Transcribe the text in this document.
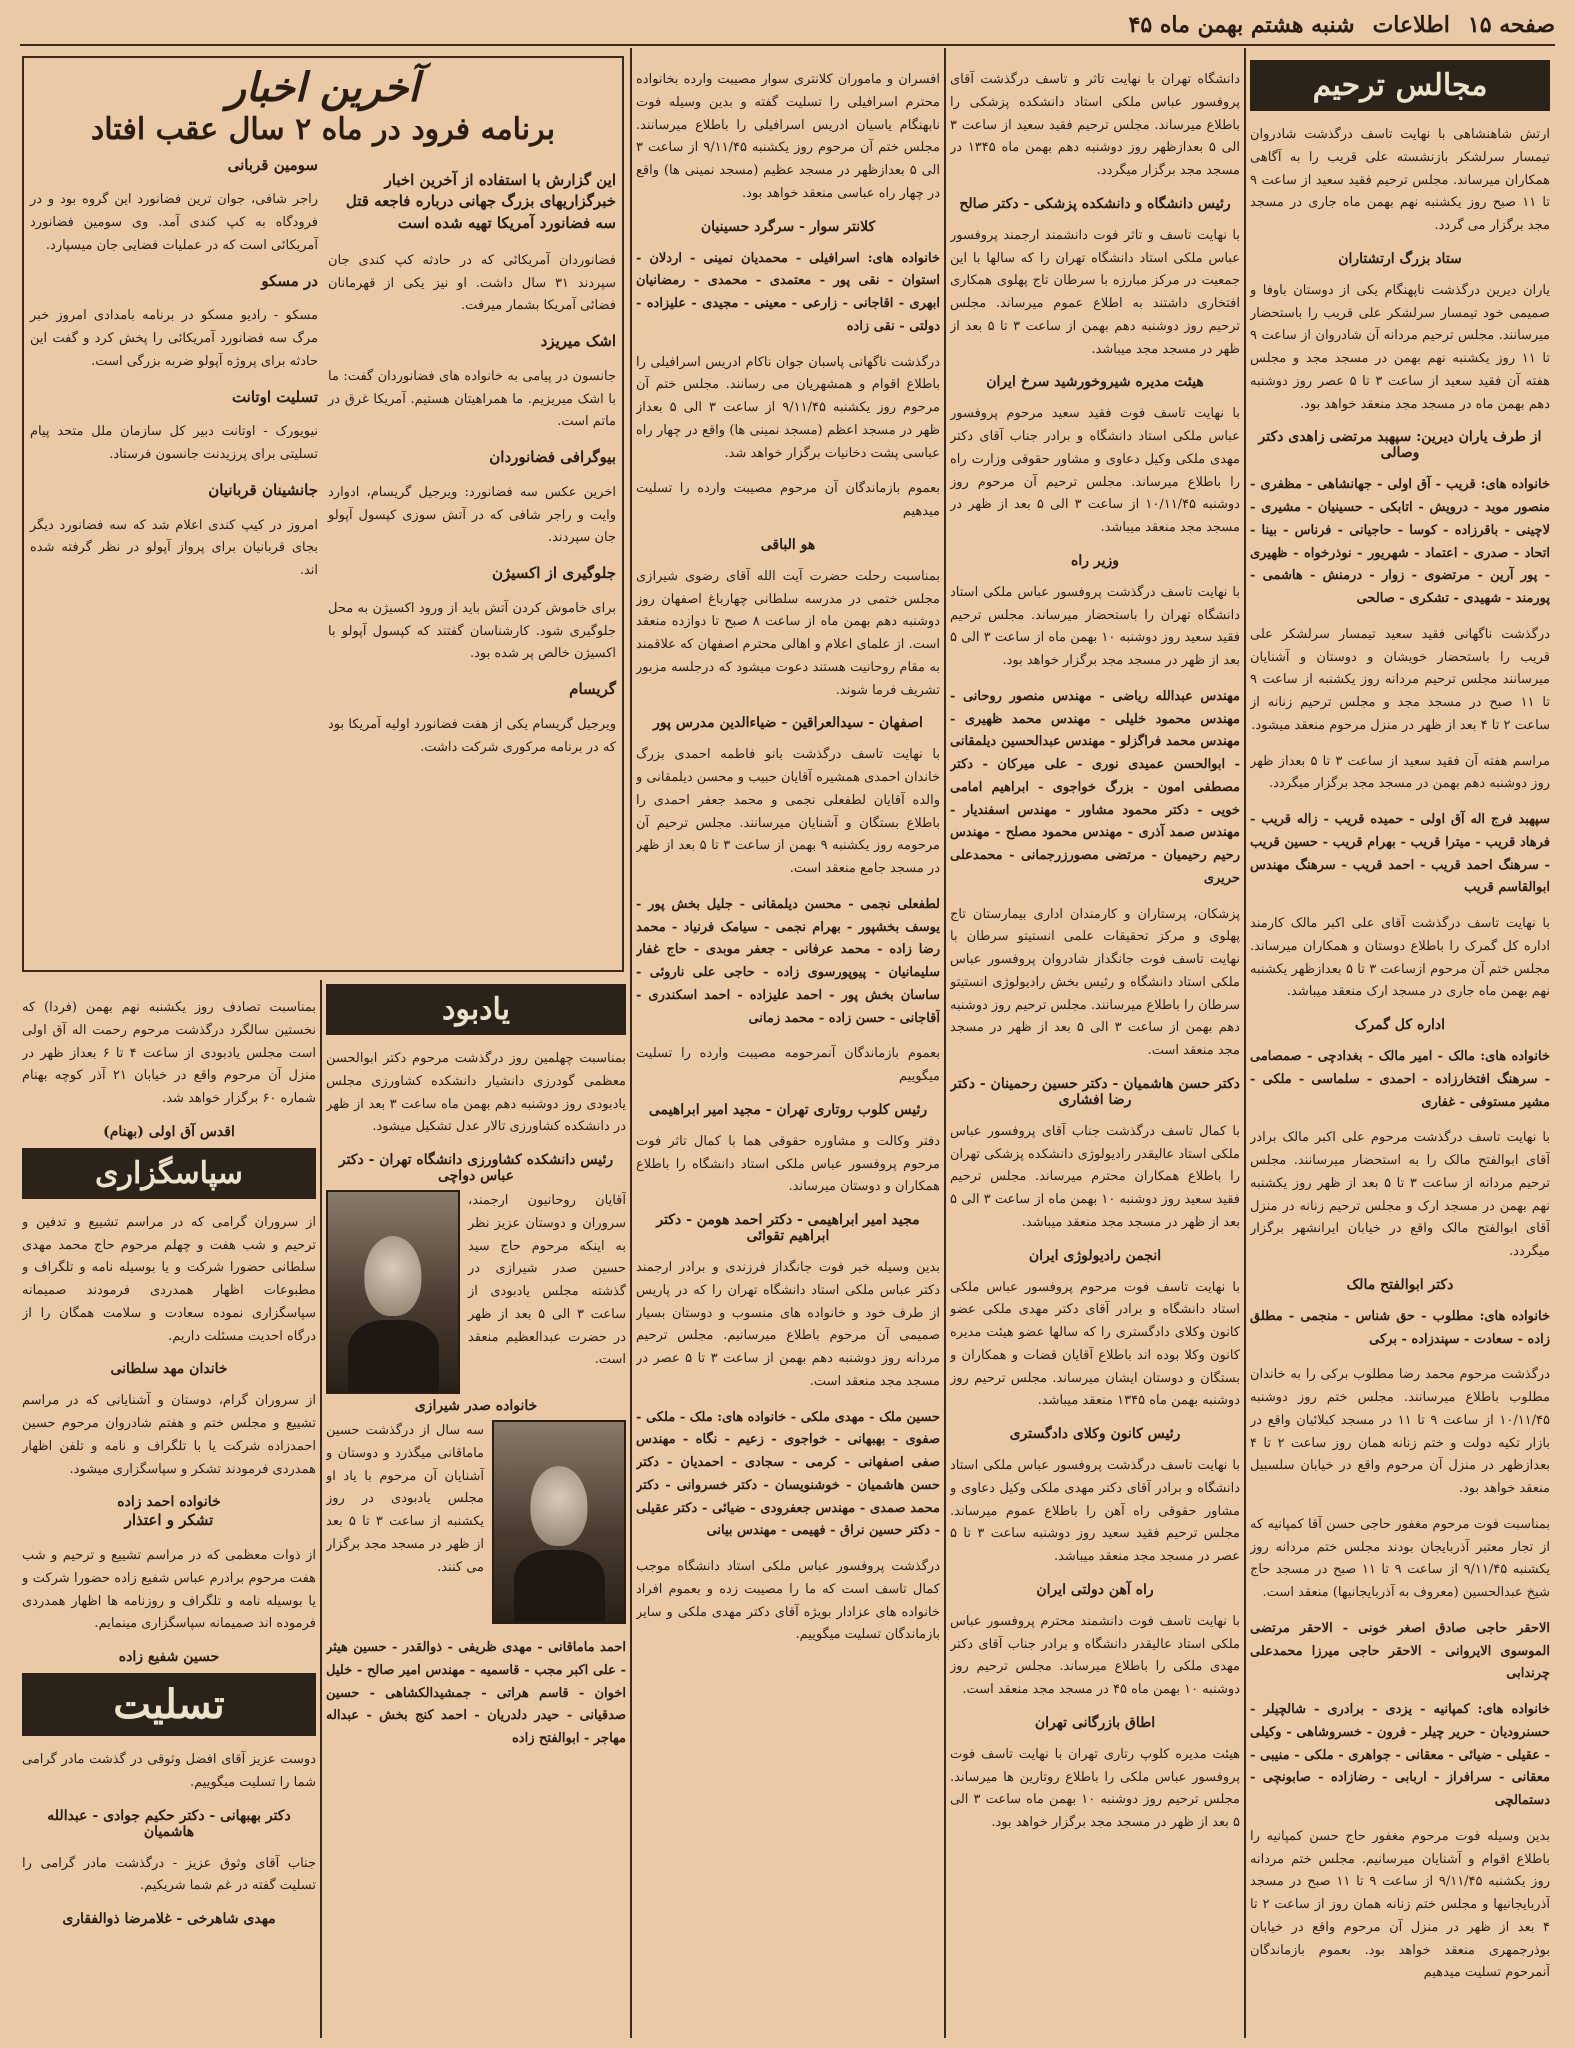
صفحه ۱۵
اطلاعات
شنبه هشتم بهمن ماه ۴۵
مجالس ترحیم

ارتش شاهنشاهی با نهایت تاسف درگذشت شادروان تیمسار سرلشکر بازنشسته علی قریب را به آگاهی همکاران میرساند. مجلس ترحیم فقید سعید از ساعت ۹ تا ۱۱ صبح روز یکشنبه نهم بهمن ماه جاری در مسجد مجد برگزار می گردد.

ستاد بزرگ ارتشتاران

یاران دیرین درگذشت ناپهنگام یکی از دوستان باوفا و صمیمی خود تیمسار سرلشکر علی قریب را باستحضار میرسانند. مجلس ترحیم مردانه آن شادروان از ساعت ۹ تا ۱۱ روز یکشنبه نهم بهمن در مسجد مجد و مجلس هفته آن فقید سعید از ساعت ۳ تا ۵ عصر روز دوشنبه دهم بهمن ماه در مسجد مجد منعقد خواهد بود.

از طرف یاران دیرین: سپهبد مرتضی زاهدی دکتر وصالی

خانواده های: قریب - آق اولی - جهانشاهی - مظفری - منصور موید - درویش - اتابکی - حسینیان - مشیری - لاچینی - باقرزاده - کوسا - حاجیانی - فرناس - بینا - اتحاد - صدری - اعتماد - شهریور - نوذرخواه - ظهیری - پور آرین - مرتضوی - زوار - درمنش - هاشمی - پورمند - شهیدی - تشکری - صالحی

درگذشت ناگهانی فقید سعید تیمسار سرلشکر علی قریب را باستحضار خویشان و دوستان و آشنایان میرسانند مجلس ترحیم مردانه روز یکشنبه از ساعت ۹ تا ۱۱ صبح در مسجد مجد و مجلس ترحیم زنانه از ساعت ۲ تا ۴ بعد از ظهر در منزل مرحوم منعقد میشود.

مراسم هفته آن فقید سعید از ساعت ۳ تا ۵ بعداز ظهر روز دوشنبه دهم بهمن در مسجد مجد برگزار میگردد.

سپهبد فرج اله آق اولی - حمیده قریب - زاله قریب - فرهاد قریب - میترا قریب - بهرام قریب - حسین قریب - سرهنگ احمد قریب - احمد قریب - سرهنگ مهندس ابوالقاسم قریب

با نهایت تاسف درگذشت آقای علی اکبر مالک کارمند اداره کل گمرک را باطلاع دوستان و همکاران میرساند. مجلس ختم آن مرحوم ازساعت ۳ تا ۵ بعدازظهر یکشنبه نهم بهمن ماه جاری در مسجد ارک منعقد میباشد.

اداره کل گمرک

خانواده های: مالک - امیر مالک - بغدادچی - صمصامی - سرهنگ افتخارزاده - احمدی - سلماسی - ملکی - مشیر مستوفی - غفاری

با نهایت تاسف درگذشت مرحوم علی اکبر مالک برادر آقای ابوالفتح مالک را به استحضار میرسانند. مجلس ترحیم مردانه از ساعت ۳ تا ۵ بعد از ظهر روز یکشنبه نهم بهمن در مسجد ارک و مجلس ترحیم زنانه در منزل آقای ابوالفتح مالک واقع در خیابان ایرانشهر برگزار میگردد.

دکتر ابوالفتح مالک

خانواده های: مطلوب - حق شناس - منجمی - مطلق زاده - سعادت - سپندزاده - برکی

درگذشت مرحوم محمد رضا مطلوب برکی را به خاندان مطلوب باطلاع میرسانند. مجلس ختم روز دوشنبه ۱۰/۱۱/۴۵ از ساعت ۹ تا ۱۱ در مسجد کبلائیان واقع در بازار تکیه دولت و ختم زنانه همان روز ساعت ۲ تا ۴ بعدازظهر در منزل آن مرحوم واقع در خیابان سلسبیل منعقد خواهد بود.

بمناسبت فوت مرحوم مغفور حاجی حسن آقا کمپانیه که از تجار معتبر آذربایجان بودند مجلس ختم مردانه روز یکشنبه ۹/۱۱/۴۵ از ساعت ۹ تا ۱۱ صبح در مسجد حاج شیخ عبدالحسین (معروف به آذربایجانیها) منعقد است.

الاحقر حاجی صادق اصغر خونی - الاحقر مرتضی الموسوی الایروانی - الاحقر حاجی میرزا محمدعلی چرندابی

خانواده های: کمپانیه - یزدی - برادری - شالچیلر - حسنرودیان - حریر چیلر - فرون - خسروشاهی - وکیلی - عقیلی - ضیائی - معقانی - جواهری - ملکی - منیبی - معقانی - سرافراز - اربابی - رضازاده - صابونچی - دستمالچی

بدین وسیله فوت مرحوم مغفور حاج حسن کمپانیه را باطلاع اقوام و آشنایان میرسانیم. مجلس ختم مردانه روز یکشنبه ۹/۱۱/۴۵ از ساعت ۹ تا ۱۱ صبح در مسجد آذربایجانیها و مجلس ختم زنانه همان روز از ساعت ۲ تا ۴ بعد از ظهر در منزل آن مرحوم واقع در خیابان بوذرجمهری منعقد خواهد بود. بعموم بازماندگان آنمرحوم تسلیت میدهیم

دانشگاه تهران با نهایت تاثر و تاسف درگذشت آقای پروفسور عباس ملکی استاد دانشکده پزشکی را باطلاع میرساند. مجلس ترحیم فقید سعید از ساعت ۳ الی ۵ بعدازظهر روز دوشنبه دهم بهمن ماه ۱۳۴۵ در مسجد مجد برگزار میگردد.

رئیس دانشگاه و دانشکده پزشکی - دکتر صالح

با نهایت تاسف و تاثر فوت دانشمند ارجمند پروفسور عباس ملکی استاد دانشگاه تهران را که سالها با این جمعیت در مرکز مبارزه با سرطان تاج پهلوی همکاری افتخاری داشتند به اطلاع عموم میرساند. مجلس ترحیم روز دوشنبه دهم بهمن از ساعت ۳ تا ۵ بعد از ظهر در مسجد مجد میباشد.

هیئت مدیره شیروخورشید سرخ ایران

با نهایت تاسف فوت فقید سعید مرحوم پروفسور عباس ملکی استاد دانشگاه و برادر جناب آقای دکتر مهدی ملکی وکیل دعاوی و مشاور حقوقی وزارت راه را باطلاع میرساند. مجلس ترحیم آن مرحوم روز دوشنبه ۱۰/۱۱/۴۵ از ساعت ۳ الی ۵ بعد از ظهر در مسجد مجد منعقد میباشد.

وزیر راه

با نهایت تاسف درگذشت پروفسور عباس ملکی استاد دانشگاه تهران را باستحضار میرساند. مجلس ترحیم فقید سعید روز دوشنبه ۱۰ بهمن ماه از ساعت ۳ الی ۵ بعد از ظهر در مسجد مجد برگزار خواهد بود.

مهندس عبدالله ریاضی - مهندس منصور روحانی - مهندس محمود خلیلی - مهندس محمد ظهیری - مهندس محمد فراگزلو - مهندس عبدالحسین دیلمقانی - ابوالحسن عمیدی نوری - علی میرکان - دکتر مصطفی امون - بزرگ خواجوی - ابراهیم امامی خویی - دکتر محمود مشاور - مهندس اسفندیار - مهندس صمد آذری - مهندس محمود مصلح - مهندس رحیم رحیمیان - مرتضی مصورزرجمانی - محمدعلی حریری

پزشکان، پرستاران و کارمندان اداری بیمارستان تاج پهلوی و مرکز تحقیقات علمی انستیتو سرطان با نهایت تاسف فوت جانگداز شادروان پروفسور عباس ملکی استاد دانشگاه و رئیس بخش رادیولوژی انستیتو سرطان را باطلاع میرسانند. مجلس ترحیم روز دوشنبه دهم بهمن از ساعت ۳ الی ۵ بعد از ظهر در مسجد مجد منعقد است.

دکتر حسن هاشمیان - دکتر حسین رحمینان - دکتر رضا افشاری

با کمال تاسف درگذشت جناب آقای پروفسور عباس ملکی استاد عالیقدر رادیولوژی دانشکده پزشکی تهران را باطلاع همکاران محترم میرساند. مجلس ترحیم فقید سعید روز دوشنبه ۱۰ بهمن ماه از ساعت ۳ الی ۵ بعد از ظهر در مسجد مجد منعقد میباشد.

انجمن رادیولوژی ایران

با نهایت تاسف فوت مرحوم پروفسور عباس ملکی استاد دانشگاه و برادر آقای دکتر مهدی ملکی عضو کانون وکلای دادگستری را که سالها عضو هیئت مدیره کانون وکلا بوده اند باطلاع آقایان قضات و همکاران و بستگان و دوستان ایشان میرساند. مجلس ترحیم روز دوشنبه بهمن ماه ۱۳۴۵ منعقد میباشد.

رئیس کانون وکلای دادگستری

با نهایت تاسف درگذشت پروفسور عباس ملکی استاد دانشگاه و برادر آقای دکتر مهدی ملکی وکیل دعاوی و مشاور حقوقی راه آهن را باطلاع عموم میرساند. مجلس ترحیم فقید سعید روز دوشنبه ساعت ۳ تا ۵ عصر در مسجد مجد منعقد میباشد.

راه آهن دولتی ایران

با نهایت تاسف فوت دانشمند محترم پروفسور عباس ملکی استاد عالیقدر دانشگاه و برادر جناب آقای دکتر مهدی ملکی را باطلاع میرساند. مجلس ترحیم روز دوشنبه ۱۰ بهمن ماه ۴۵ در مسجد مجد منعقد است.

اطاق بازرگانی تهران

هیئت مدیره کلوپ رتاری تهران با نهایت تاسف فوت پروفسور عباس ملکی را باطلاع روتارین ها میرساند. مجلس ترحیم روز دوشنبه ۱۰ بهمن ماه ساعت ۳ الی ۵ بعد از ظهر در مسجد مجد برگزار خواهد بود.

افسران و ماموران کلانتری سوار مصیبت وارده بخانواده محترم اسرافیلی را تسلیت گفته و بدین وسیله فوت نابهنگام یاسیان ادریس اسرافیلی را باطلاع میرسانند. مجلس ختم آن مرحوم روز یکشنبه ۹/۱۱/۴۵ از ساعت ۳ الی ۵ بعدازظهر در مسجد عظیم (مسجد نمینی ها) واقع در چهار راه عباسی منعقد خواهد بود.

کلانتر سوار - سرگرد حسینیان

خانواده های: اسرافیلی - محمدیان نمینی - اردلان - استوان - نقی پور - معتمدی - محمدی - رمضانیان ابهری - اقاجانی - زارعی - معینی - مجیدی - علیزاده - دولتی - نقی زاده

درگذشت ناگهانی پاسبان جوان ناکام ادریس اسرافیلی را باطلاع اقوام و همشهریان می رسانند. مجلس ختم آن مرحوم روز یکشنبه ۹/۱۱/۴۵ از ساعت ۳ الی ۵ بعداز ظهر در مسجد اعظم (مسجد نمینی ها) واقع در چهار راه عباسی پشت دخانیات برگزار خواهد شد.

بعموم بازماندگان آن مرحوم مصیبت وارده را تسلیت میدهیم

هو الباقی

بمناسبت رحلت حضرت آیت الله آقای رضوی شیرازی مجلس ختمی در مدرسه سلطانی چهارباغ اصفهان روز دوشنبه دهم بهمن ماه از ساعت ۸ صبح تا دوازده منعقد است. از علمای اعلام و اهالی محترم اصفهان که علاقمند به مقام روحانیت هستند دعوت میشود که درجلسه مزبور تشریف فرما شوند.

اصفهان - سیدالعراقین - ضیاءالدین مدرس پور

با نهایت تاسف درگذشت بانو فاطمه احمدی بزرگ خاندان احمدی همشیره آقایان حبیب و محسن دیلمقانی و والده آقایان لطفعلی نجمی و محمد جعفر احمدی را باطلاع بستگان و آشنایان میرسانند. مجلس ترحیم آن مرحومه روز یکشنبه ۹ بهمن از ساعت ۳ تا ۵ بعد از ظهر در مسجد جامع منعقد است.

لطفعلی نجمی - محسن دیلمقانی - جلیل بخش پور - یوسف بخشپور - بهرام نجمی - سیامک فرنیاد - محمد رضا زاده - محمد عرفانی - جعفر موبدی - حاج غفار سلیمانیان - پیوپورسوی زاده - حاجی علی ناروئی - ساسان بخش پور - احمد علیزاده - احمد اسکندری - آقاجانی - حسن زاده - محمد زمانی

بعموم بازماندگان آنمرحومه مصیبت وارده را تسلیت میگوییم

رئیس کلوب روتاری تهران - مجید امیر ابراهیمی

دفتر وکالت و مشاوره حقوقی هما با کمال تاثر فوت مرحوم پروفسور عباس ملکی استاد دانشگاه را باطلاع همکاران و دوستان میرساند.

مجید امیر ابراهیمی - دکتر احمد هومن - دکتر ابراهیم تقوائی

بدین وسیله خبر فوت جانگداز فرزندی و برادر ارجمند دکتر عباس ملکی استاد دانشگاه تهران را که در پاریس از طرف خود و خانواده های منسوب و دوستان بسیار صمیمی آن مرحوم باطلاع میرسانیم. مجلس ترحیم مردانه روز دوشنبه دهم بهمن از ساعت ۳ تا ۵ عصر در مسجد مجد منعقد است.

حسین ملک - مهدی ملکی - خانواده های: ملک - ملکی - صفوی - بهبهانی - خواجوی - زعیم - نگاه - مهندس صفی اصفهانی - کرمی - سجادی - احمدیان - دکتر حسن هاشمیان - خوشنویسان - دکتر خسروانی - دکتر محمد صمدی - مهندس جعفرودی - ضیائی - دکتر عقیلی - دکتر حسین نراق - فهیمی - مهندس بیانی

درگذشت پروفسور عباس ملکی استاد دانشگاه موجب کمال تاسف است که ما را مصیبت زده و بعموم افراد خانواده های عزادار بویژه آقای دکتر مهدی ملکی و سایر بازماندگان تسلیت میگوییم.

آخرین اخبار
برنامه فرود در ماه ۲ سال عقب افتاد

این گزارش با استفاده از آخرین اخبار خبرگزاریهای بزرگ جهانی درباره فاجعه قتل سه فضانورد آمریکا تهیه شده است

فضانوردان آمریکائی که در حادثه کپ کندی جان سپردند ۳۱ سال داشت. او نیز یکی از قهرمانان فضائی آمریکا بشمار میرفت.

اشک میریزد

جانسون در پیامی به خانواده های فضانوردان گفت: ما با اشک میریزیم. ما همراهیتان هستیم. آمریکا غرق در ماتم است.

بیوگرافی فضانوردان

اخرین عکس سه فضانورد: ویرجیل گریسام، ادوارد وایت و راجر شافی که در آتش سوزی کپسول آپولو جان سپردند.

جلوگیری از اکسیژن

برای خاموش کردن آتش باید از ورود اکسیژن به محل جلوگیری شود. کارشناسان گفتند که کپسول آپولو با اکسیژن خالص پر شده بود.

گریسام

ویرجیل گریسام یکی از هفت فضانورد اولیه آمریکا بود که در برنامه مرکوری شرکت داشت.

سومین قربانی

راجر شافی، جوان ترین فضانورد این گروه بود و در فرودگاه به کپ کندی آمد. وی سومین فضانورد آمریکائی است که در عملیات فضایی جان میسپارد.

در مسکو

مسکو - رادیو مسکو در برنامه بامدادی امروز خبر مرگ سه فضانورد آمریکائی را پخش کرد و گفت این حادثه برای پروژه آپولو ضربه بزرگی است.

تسلیت اوتانت

نیویورک - اوتانت دبیر کل سازمان ملل متحد پیام تسلیتی برای پرزیدنت جانسون فرستاد.

جانشینان قربانیان

امروز در کیپ کندی اعلام شد که سه فضانورد دیگر بجای قربانیان برای پرواز آپولو در نظر گرفته شده اند.

بمناسبت تصادف روز یکشنبه نهم بهمن (فردا) که نخستین سالگرد درگذشت مرحوم رحمت اله آق اولی است مجلس یادبودی از ساعت ۴ تا ۶ بعداز ظهر در منزل آن مرحوم واقع در خیابان ۲۱ آذر کوچه بهنام شماره ۶۰ برگزار خواهد شد.

اقدس آق اولی (بهنام)
سپاسگزاری

از سروران گرامی که در مراسم تشییع و تدفین و ترحیم و شب هفت و چهلم مرحوم حاج محمد مهدی سلطانی حضورا شرکت و یا بوسیله نامه و تلگراف و مطبوعات اظهار همدردی فرمودند صمیمانه سپاسگزاری نموده سعادت و سلامت همگان را از درگاه احدیت مسئلت داریم.

خاندان مهد سلطانی

از سروران گرام، دوستان و آشنایانی که در مراسم تشییع و مجلس ختم و هفتم شادروان مرحوم حسین احمدزاده شرکت یا با تلگراف و نامه و تلفن اظهار همدردی فرمودند تشکر و سپاسگزاری میشود.

خانواده احمد زاده
تشکر و اعتذار

از ذوات معظمی که در مراسم تشییع و ترحیم و شب هفت مرحوم برادرم عباس شفیع زاده حضورا شرکت و یا بوسیله نامه و تلگراف و روزنامه ها اظهار همدردی فرموده اند صمیمانه سپاسگزاری مینمایم.

حسین شفیع زاده
تسلیت

دوست عزیز آقای افضل وثوقی در گذشت مادر گرامی شما را تسلیت میگوییم.

دکتر بهبهانی - دکتر حکیم جوادی - عبدالله هاشمیان

جناب آقای وثوق عزیز - درگذشت مادر گرامی را تسلیت گفته در غم شما شریکیم.

مهدی شاهرخی - غلامرضا ذوالفقاری
یادبود

بمناسبت چهلمین روز درگذشت مرحوم دکتر ابوالحسن معظمی گودرزی دانشیار دانشکده کشاورزی مجلس یادبودی روز دوشنبه دهم بهمن ماه ساعت ۳ بعد از ظهر در دانشکده کشاورزی تالار عدل تشکیل میشود.

رئیس دانشکده کشاورزی دانشگاه تهران - دکتر عباس دواچی

آقایان روحانیون ارجمند، سروران و دوستان عزیز نظر به اینکه مرحوم حاج سید حسین صدر شیرازی در گذشته مجلس یادبودی از ساعت ۳ الی ۵ بعد از ظهر در حضرت عبدالعظیم منعقد است.

خانواده صدر شیرازی

سه سال از درگذشت حسین ماماقانی میگذرد و دوستان و آشنایان آن مرحوم با یاد او مجلس یادبودی در روز یکشنبه از ساعت ۳ تا ۵ بعد از ظهر در مسجد مجد برگزار می کنند.

احمد ماماقانی - مهدی ظریفی - ذوالقدر - حسین هیثر - علی اکبر مجب - قاسمیه - مهندس امیر صالح - خلیل اخوان - قاسم هراتی - جمشیدالکشاهی - حسین صدقیانی - حیدر دلدریان - احمد کنج بخش - عبداله مهاجر - ابوالفتح زاده
